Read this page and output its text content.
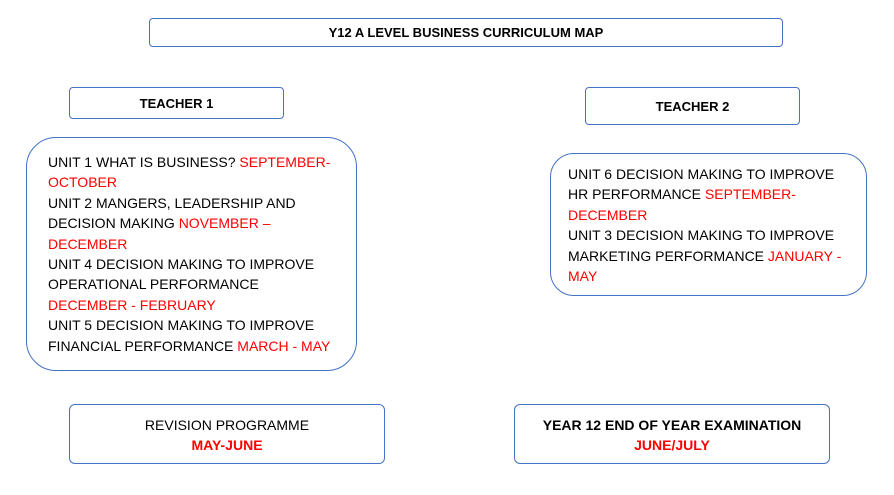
Y12 A LEVEL BUSINESS CURRICULUM MAP
TEACHER 1	TEACHER 2
UNIT 1 WHAT IS BUSINESS? SEPTEMBER- OCTOBER
UNIT 2 MANGERS, LEADERSHIP AND DECISION MAKING NOVEMBER – DECEMBER
UNIT 4 DECISION MAKING TO IMPROVE OPERATIONAL PERFORMANCE DECEMBER - FEBRUARY
UNIT 5 DECISION MAKING TO IMPROVE FINANCIAL PERFORMANCE MARCH - MAY
UNIT 6 DECISION MAKING TO IMPROVE HR PERFORMANCE SEPTEMBER- DECEMBER
UNIT 3 DECISION MAKING TO IMPROVE MARKETING PERFORMANCE JANUARY - MAY
REVISION PROGRAMME
MAY-JUNE
YEAR 12 END OF YEAR EXAMINATION
JUNE/JULY
